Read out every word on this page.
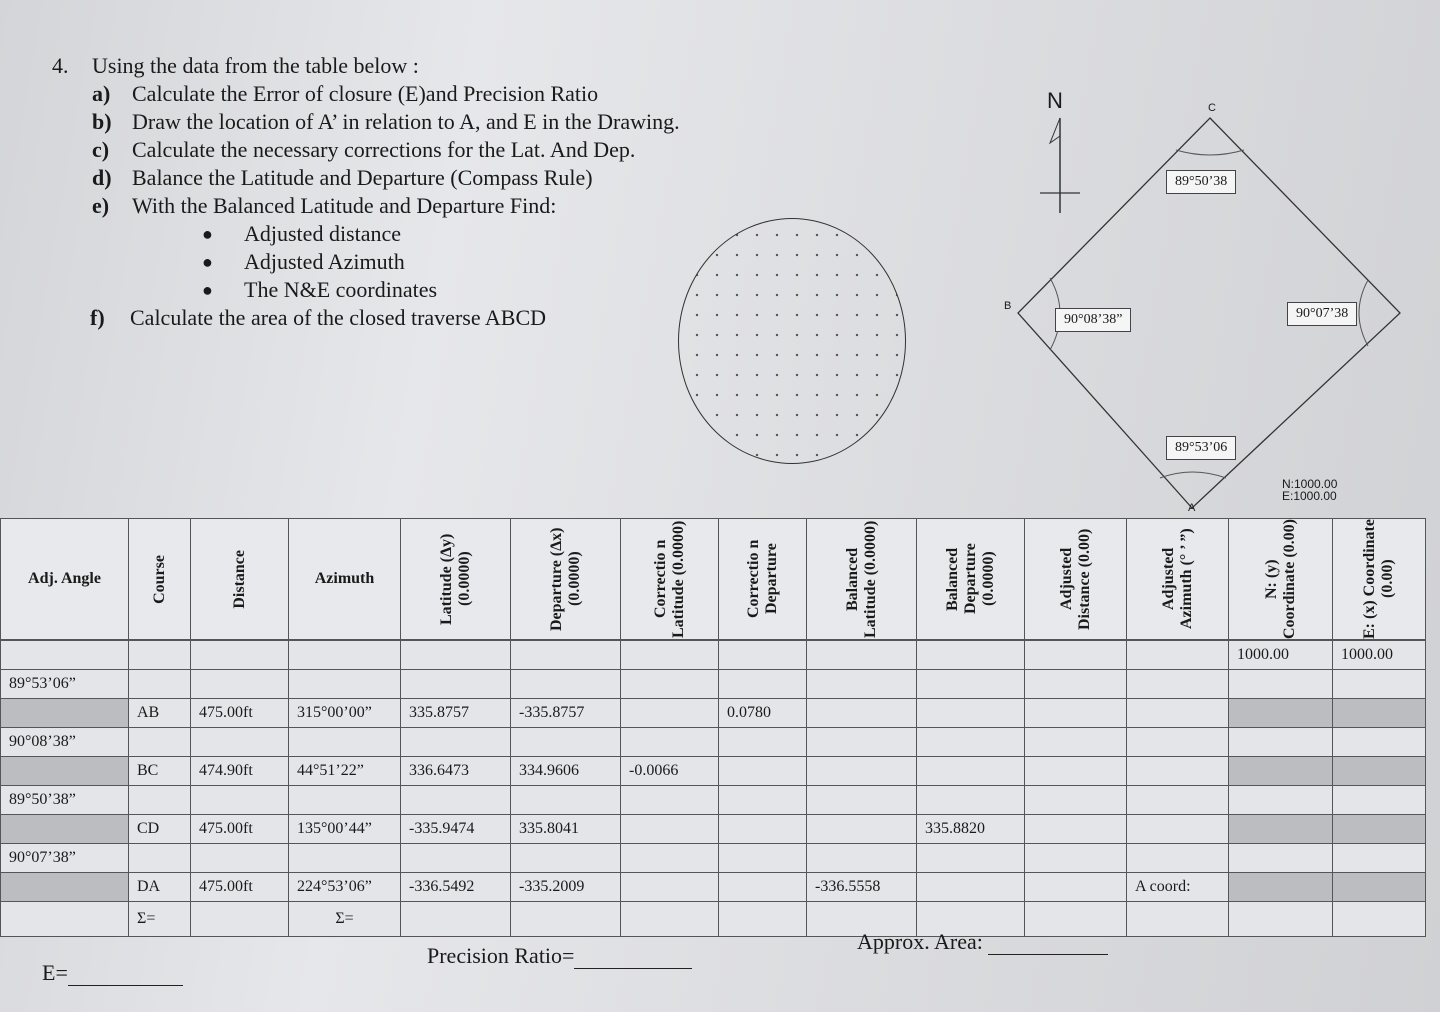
4.	Using the data from the table below :
a) Calculate the Error of closure (E)and Precision Ratio
b) Draw the location of A’ in relation to A, and E in the Drawing.
c)	Calculate the necessary corrections for the Lat. And Dep.
d) Balance the Latitude and Departure (Compass Rule)
e)	With the Balanced Latitude and Departure Find:
●	Adjusted distance
●	Adjusted Azimuth
●	The N&E coordinates
f)	Calculate the area of the closed traverse ABCD
N	C
B
A
89°50’38
90°08’38”	90°07’38
89°53’06
N:1000.00
E:1000.00
Adj. Angle	Course	Distance	Azimuth	Latitude (Δy) (0.0000)	Departure (Δx) (0.0000)	Correctio n Latitude (0.0000)	Correctio n Departure	Balanced Latitude (0.0000)	Balanced Departure (0.0000)	Adjusted Distance (0.00)	Adjusted Azimuth (° ’ ”)	N: (y) Coordinate (0.00)	E: (x) Coordinate (0.00)
												1000.00	1000.00
89°53’06”													
	AB	475.00ft	315°00’00”	335.8757	-335.8757		0.0780						
90°08’38”													
	BC	474.90ft	44°51’22”	336.6473	334.9606	-0.0066							
89°50’38”													
	CD	475.00ft	135°00’44”	-335.9474	335.8041				335.8820				
90°07’38”													
	DA	475.00ft	224°53’06”	-336.5492	-335.2009			-336.5558			A coord:		
	Σ=		Σ=										
E=
Precision Ratio=
Approx. Area:
